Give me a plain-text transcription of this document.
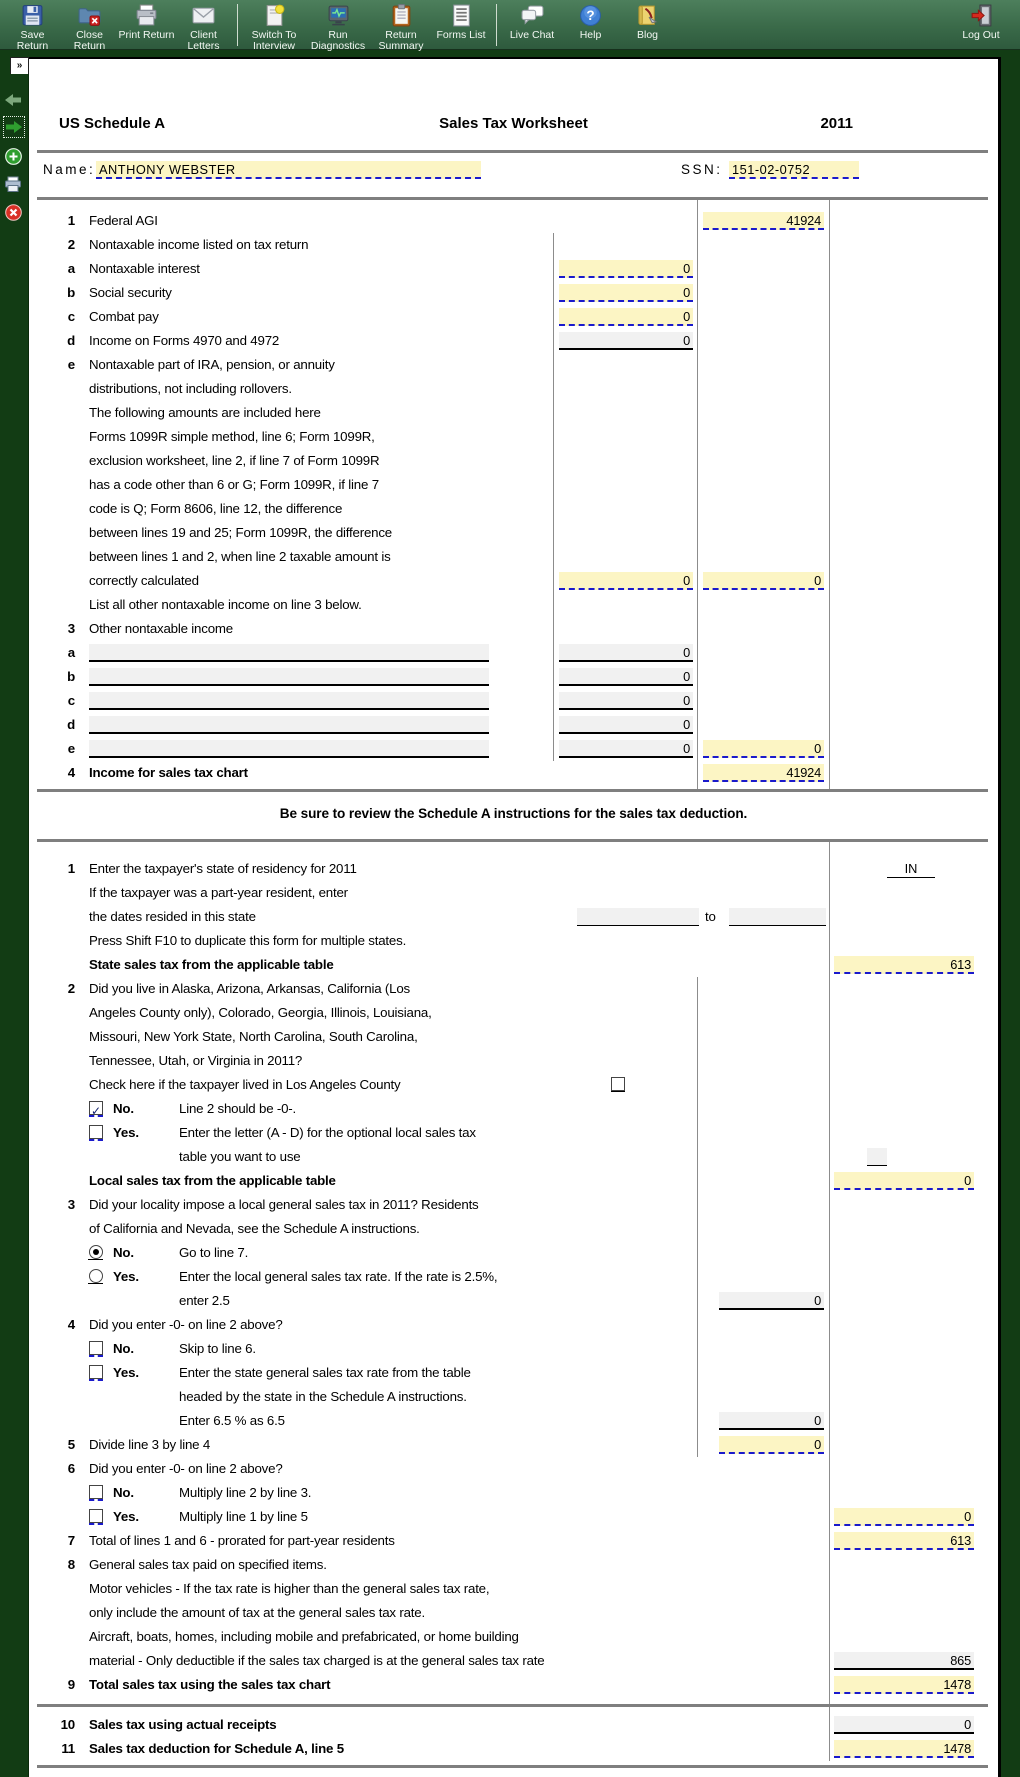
Save Return
Close Return
Print Return	Client Letters
Switch To Interview
Run Diagnostics
Return Summary
Forms List Live Chat
?
Help	Blog	Log Out
»
US Schedule A	Sales Tax Worksheet	2011
Name: ANTHONY WEBSTER	SSN: 151-02-0752
1 Federal AGI	41924
2 Nontaxable income listed on tax return
a Nontaxable interest	0
b Social security	0
c Combat pay	0
d Income on Forms 4970 and 4972	0
e Nontaxable part of IRA, pension, or annuity
distributions, not including rollovers.
The following amounts are included here
Forms 1099R simple method, line 6; Form 1099R,
exclusion worksheet, line 2, if line 7 of Form 1099R
has a code other than 6 or G; Form 1099R, if line 7
code is Q; Form 8606, line 12, the difference
between lines 19 and 25; Form 1099R, the difference
between lines 1 and 2, when line 2 taxable amount is
correctly calculated	0	0
List all other nontaxable income on line 3 below.
3 Other nontaxable income
a	0
b	0
c	0
d	0
e	0	0
4 Income for sales tax chart	41924
Be sure to review the Schedule A instructions for the sales tax deduction.
1 Enter the taxpayer's state of residency for 2011	IN
If the taxpayer was a part-year resident, enter
the dates resided in this state	to
Press Shift F10 to duplicate this form for multiple states.
State sales tax from the applicable table	613
2 Did you live in Alaska, Arizona, Arkansas, California (Los
Angeles County only), Colorado, Georgia, Illinois, Louisiana,
Missouri, New York State, North Carolina, South Carolina,
Tennessee, Utah, or Virginia in 2011?
Check here if the taxpayer lived in Los Angeles County
✓
No.	Line 2 should be -0-.
Yes.	Enter the letter (A - D) for the optional local sales tax
table you want to use
Local sales tax from the applicable table	0
3 Did your locality impose a local general sales tax in 2011? Residents
of California and Nevada, see the Schedule A instructions.
No.	Go to line 7.
Yes.	Enter the local general sales tax rate. If the rate is 2.5%,
enter 2.5	0
4 Did you enter -0- on line 2 above?
No.	Skip to line 6.
Yes.	Enter the state general sales tax rate from the table
headed by the state in the Schedule A instructions.
Enter 6.5 % as 6.5	0
5 Divide line 3 by line 4	0
6 Did you enter -0- on line 2 above?
No.	Multiply line 2 by line 3.
Yes.	Multiply line 1 by line 5	0
7 Total of lines 1 and 6 - prorated for part-year residents	613
8 General sales tax paid on specified items.
Motor vehicles - If the tax rate is higher than the general sales tax rate,
only include the amount of tax at the general sales tax rate.
Aircraft, boats, homes, including mobile and prefabricated, or home building
material - Only deductible if the sales tax charged is at the general sales tax rate	865
9 Total sales tax using the sales tax chart	1478
10 Sales tax using actual receipts	0
11 Sales tax deduction for Schedule A, line 5	1478
